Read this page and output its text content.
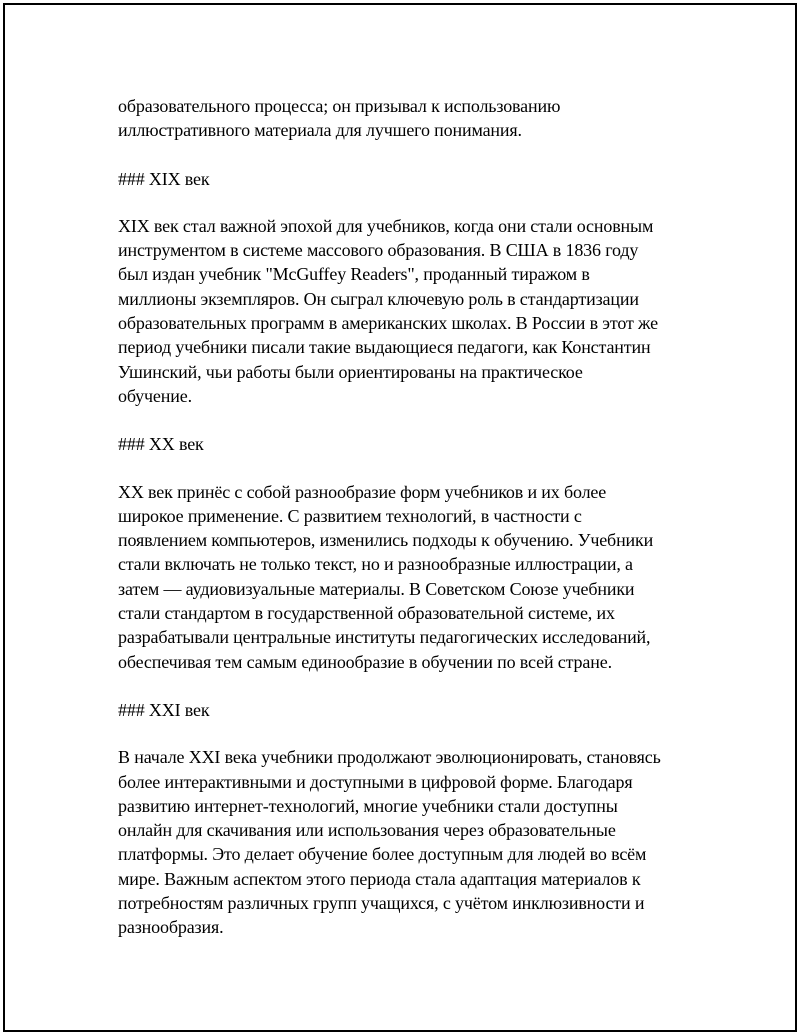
образовательного процесса; он призывал к использованию
иллюстративного материала для лучшего понимания.
### XIX век
XIX век стал важной эпохой для учебников, когда они стали основным
инструментом в системе массового образования. В США в 1836 году
был издан учебник "McGuffey Readers", проданный тиражом в
миллионы экземпляров. Он сыграл ключевую роль в стандартизации
образовательных программ в американских школах. В России в этот же
период учебники писали такие выдающиеся педагоги, как Константин
Ушинский, чьи работы были ориентированы на практическое
обучение.
### XX век
XX век принёс с собой разнообразие форм учебников и их более
широкое применение. С развитием технологий, в частности с
появлением компьютеров, изменились подходы к обучению. Учебники
стали включать не только текст, но и разнообразные иллюстрации, а
затем — аудиовизуальные материалы. В Советском Союзе учебники
стали стандартом в государственной образовательной системе, их
разрабатывали центральные институты педагогических исследований,
обеспечивая тем самым единообразие в обучении по всей стране.
### XXI век
В начале XXI века учебники продолжают эволюционировать, становясь
более интерактивными и доступными в цифровой форме. Благодаря
развитию интернет-технологий, многие учебники стали доступны
онлайн для скачивания или использования через образовательные
платформы. Это делает обучение более доступным для людей во всём
мире. Важным аспектом этого периода стала адаптация материалов к
потребностям различных групп учащихся, с учётом инклюзивности и
разнообразия.
